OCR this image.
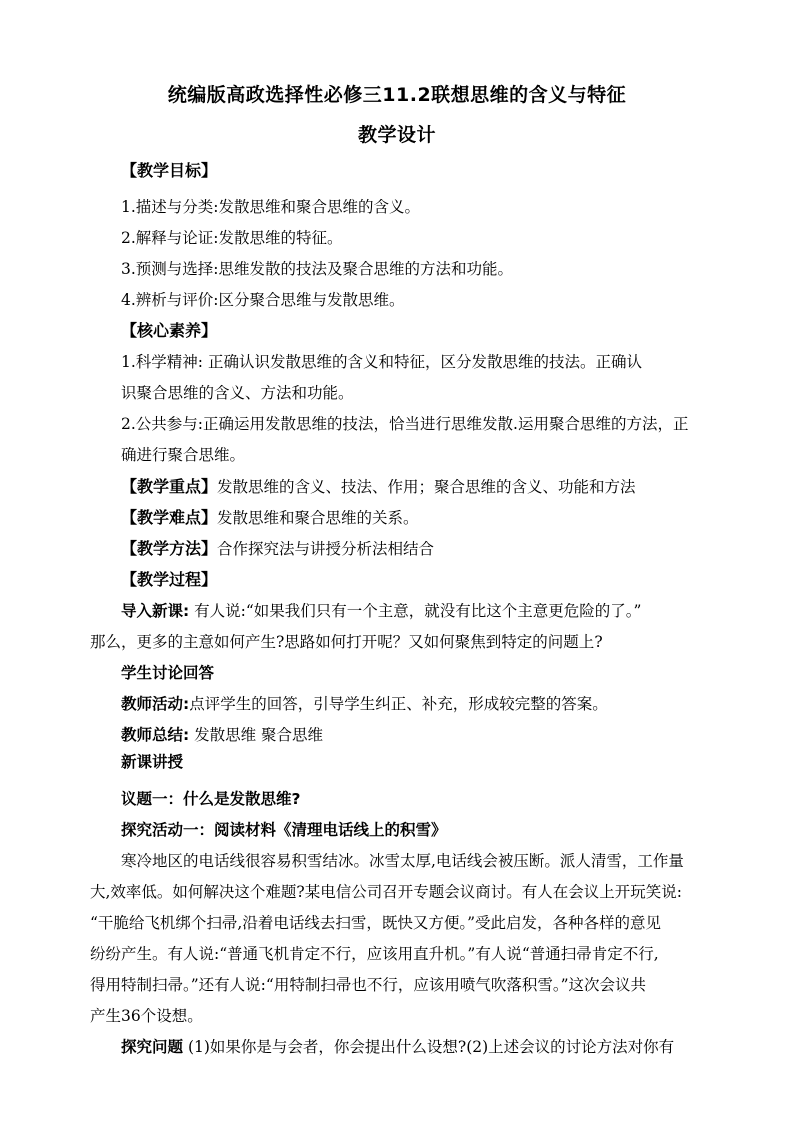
统编版高政选择性必修三11.2联想思维的含义与特征
教学设计
【教学目标】
1.描述与分类:发散思维和聚合思维的含义。
2.解释与论证:发散思维的特征。
3.预测与选择:思维发散的技法及聚合思维的方法和功能。
4.辨析与评价:区分聚合思维与发散思维。
【核心素养】
1.科学精神: 正确认识发散思维的含义和特征，区分发散思维的技法。正确认
识聚合思维的含义、方法和功能。
2.公共参与:正确运用发散思维的技法，恰当进行思维发散.运用聚合思维的方法，正
确进行聚合思维。
【教学重点】发散思维的含义、技法、作用；聚合思维的含义、功能和方法
【教学难点】发散思维和聚合思维的关系。
【教学方法】合作探究法与讲授分析法相结合
【教学过程】
导入新课: 有人说:“如果我们只有一个主意，就没有比这个主意更危险的了。”
那么，更多的主意如何产生?思路如何打开呢？又如何聚焦到特定的问题上?
学生讨论回答
教师活动:点评学生的回答，引导学生纠正、补充，形成较完整的答案。
教师总结: 发散思维 聚合思维
新课讲授
议题一：什么是发散思维?
探究活动一：阅读材料《清理电话线上的积雪》
寒冷地区的电话线很容易积雪结冰。冰雪太厚,电话线会被压断。派人清雪，工作量
大,效率低。如何解决这个难题?某电信公司召开专题会议商讨。有人在会议上开玩笑说:
“干脆给飞机绑个扫帚,沿着电话线去扫雪，既快又方便。”受此启发，各种各样的意见
纷纷产生。有人说:“普通飞机肯定不行，应该用直升机。”有人说“普通扫帚肯定不行,
得用特制扫帚。”还有人说:“用特制扫帚也不行，应该用喷气吹落积雪。”这次会议共
产生36个设想。
探究问题 (1)如果你是与会者，你会提出什么设想?(2)上述会议的讨论方法对你有
